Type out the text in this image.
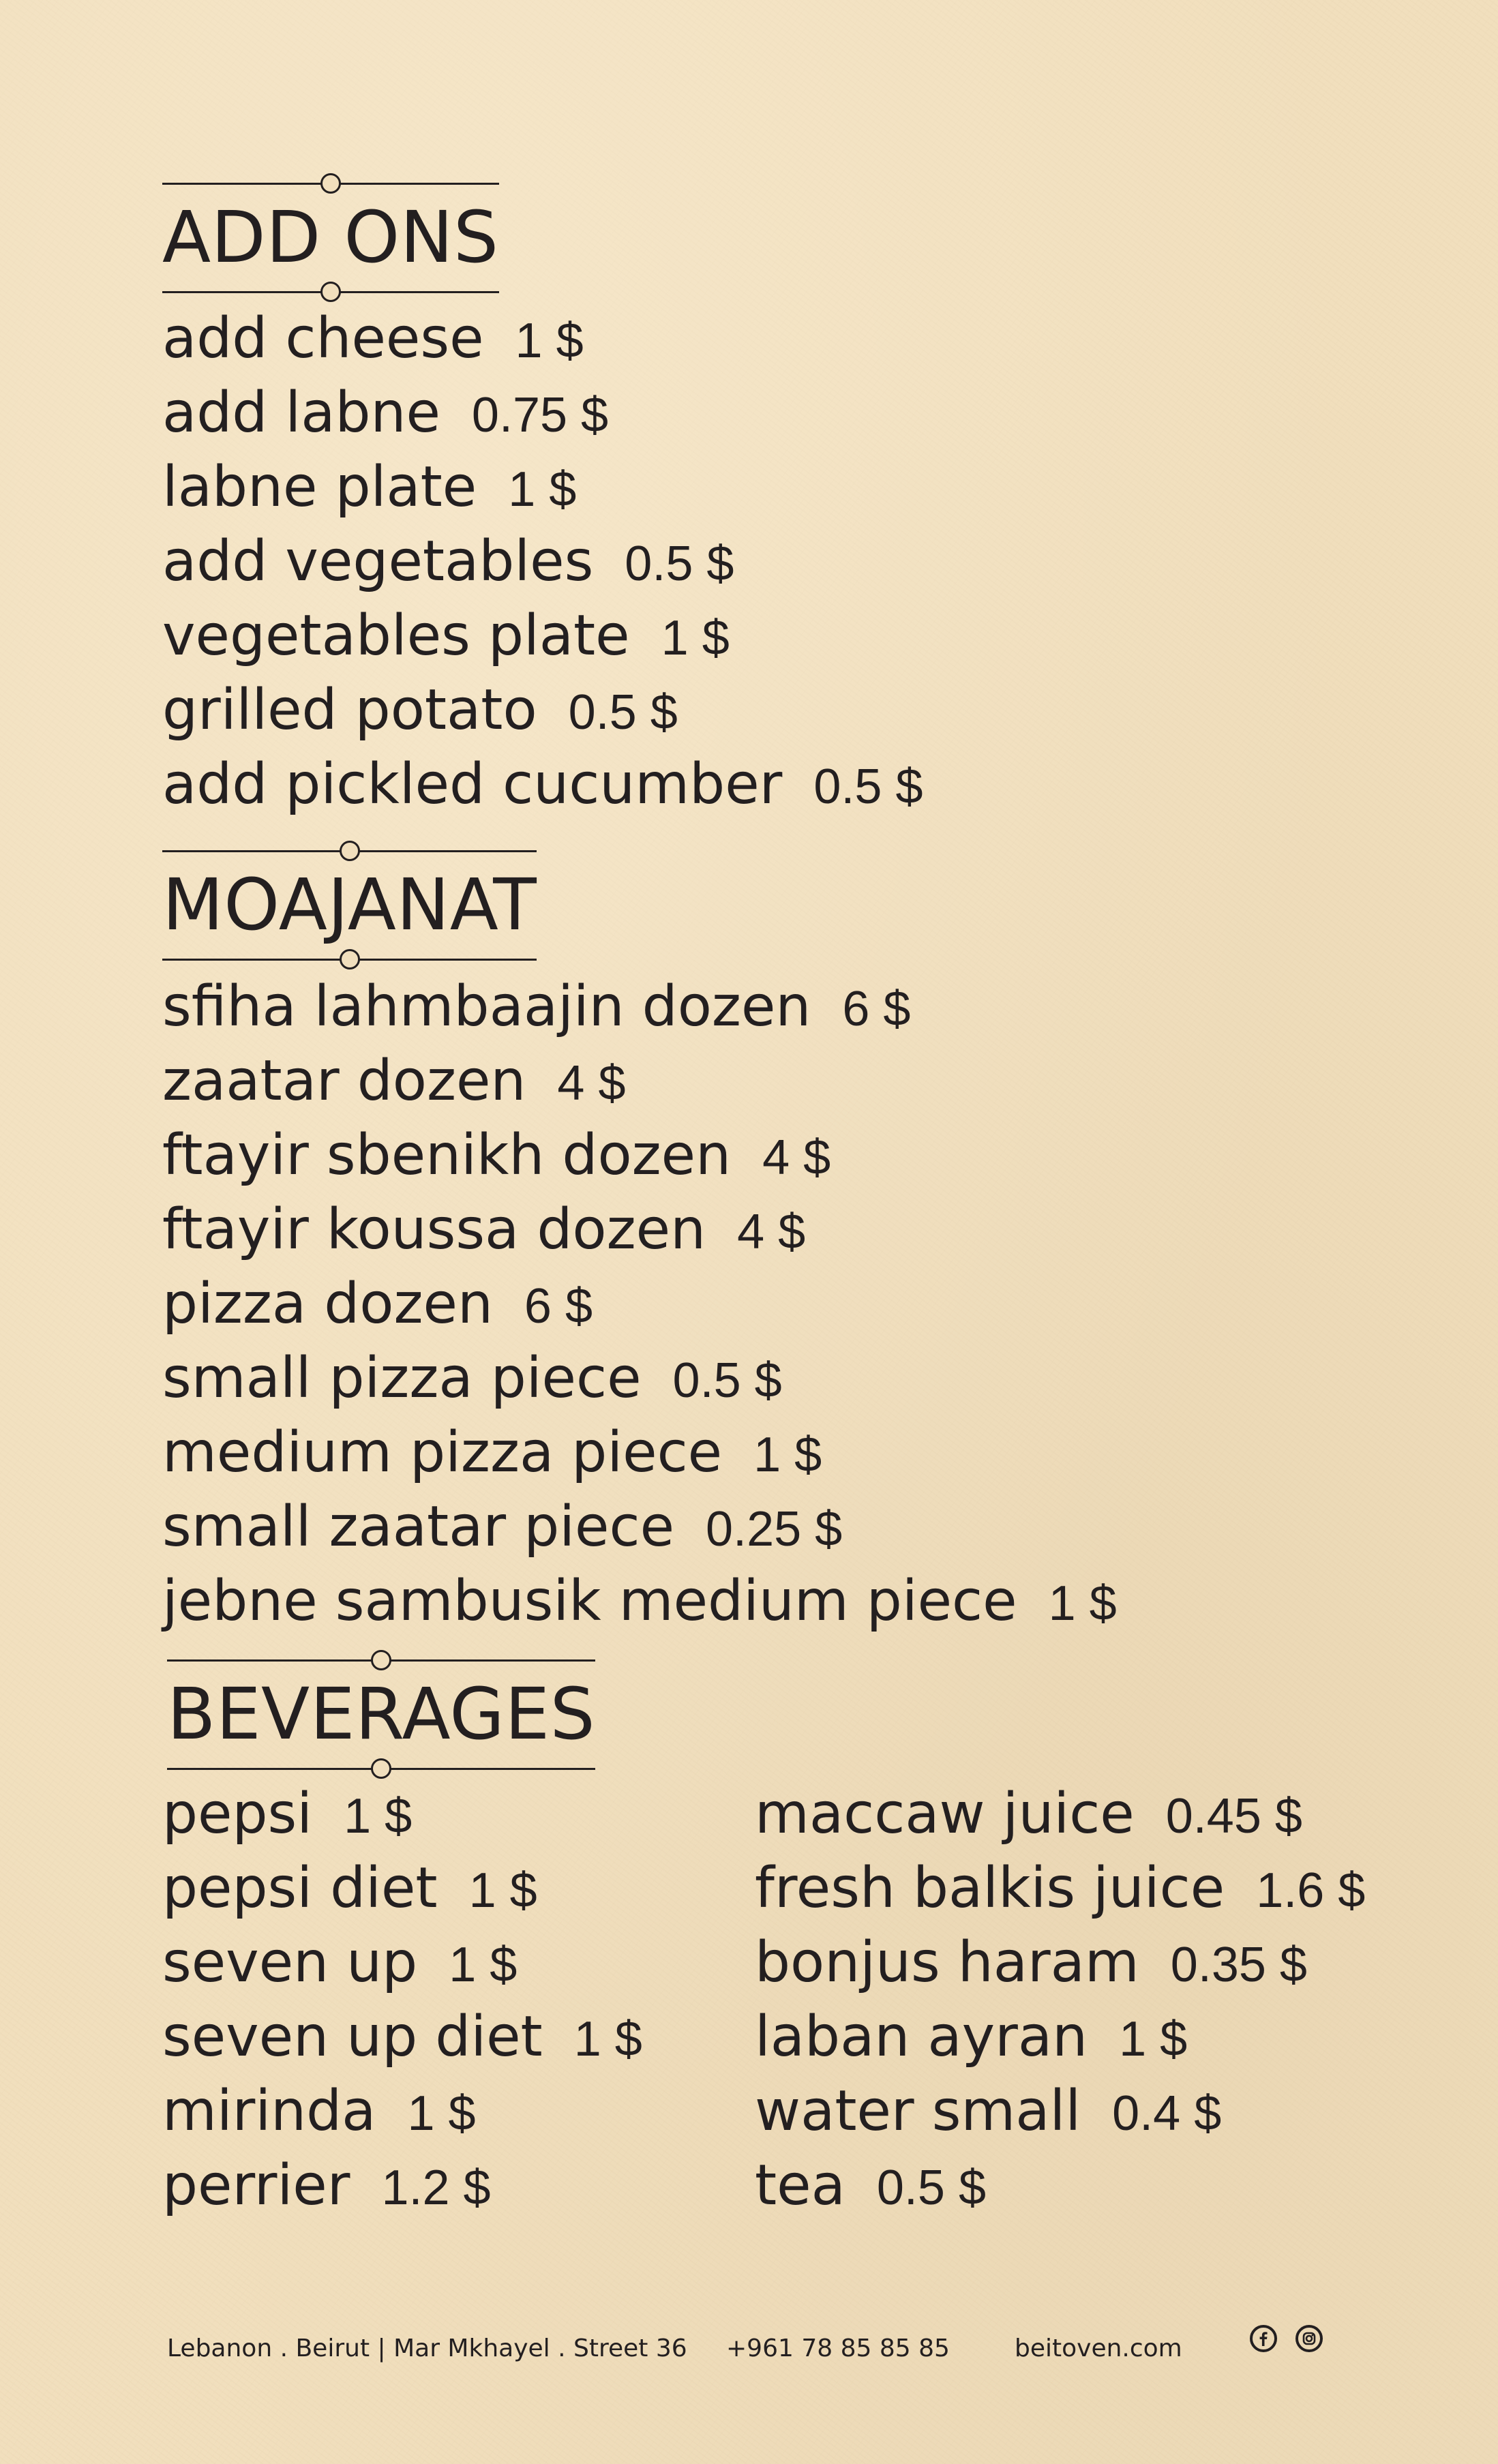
ADD ONS
add cheese 1 $
add labne 0.75 $
labne plate 1 $
add vegetables 0.5 $
vegetables plate 1 $
grilled potato 0.5 $
add pickled cucumber 0.5 $
MOAJANAT
sfiha lahmbaajin dozen 6 $
zaatar dozen 4 $
ftayir sbenikh dozen 4 $
ftayir koussa dozen 4 $
pizza dozen 6 $
small pizza piece 0.5 $
medium pizza piece 1 $
small zaatar piece 0.25 $
jebne sambusik medium piece 1 $
BEVERAGES
pepsi 1 $
pepsi diet 1 $
seven up 1 $
seven up diet 1 $
mirinda 1 $
perrier 1.2 $
maccaw juice 0.45 $
fresh balkis juice 1.6 $
bonjus haram 0.35 $
laban ayran 1 $
water small 0.4 $
tea 0.5 $
Lebanon . Beirut | Mar Mkhayel . Street 36 +961 78 85 85 85	beitoven.com
